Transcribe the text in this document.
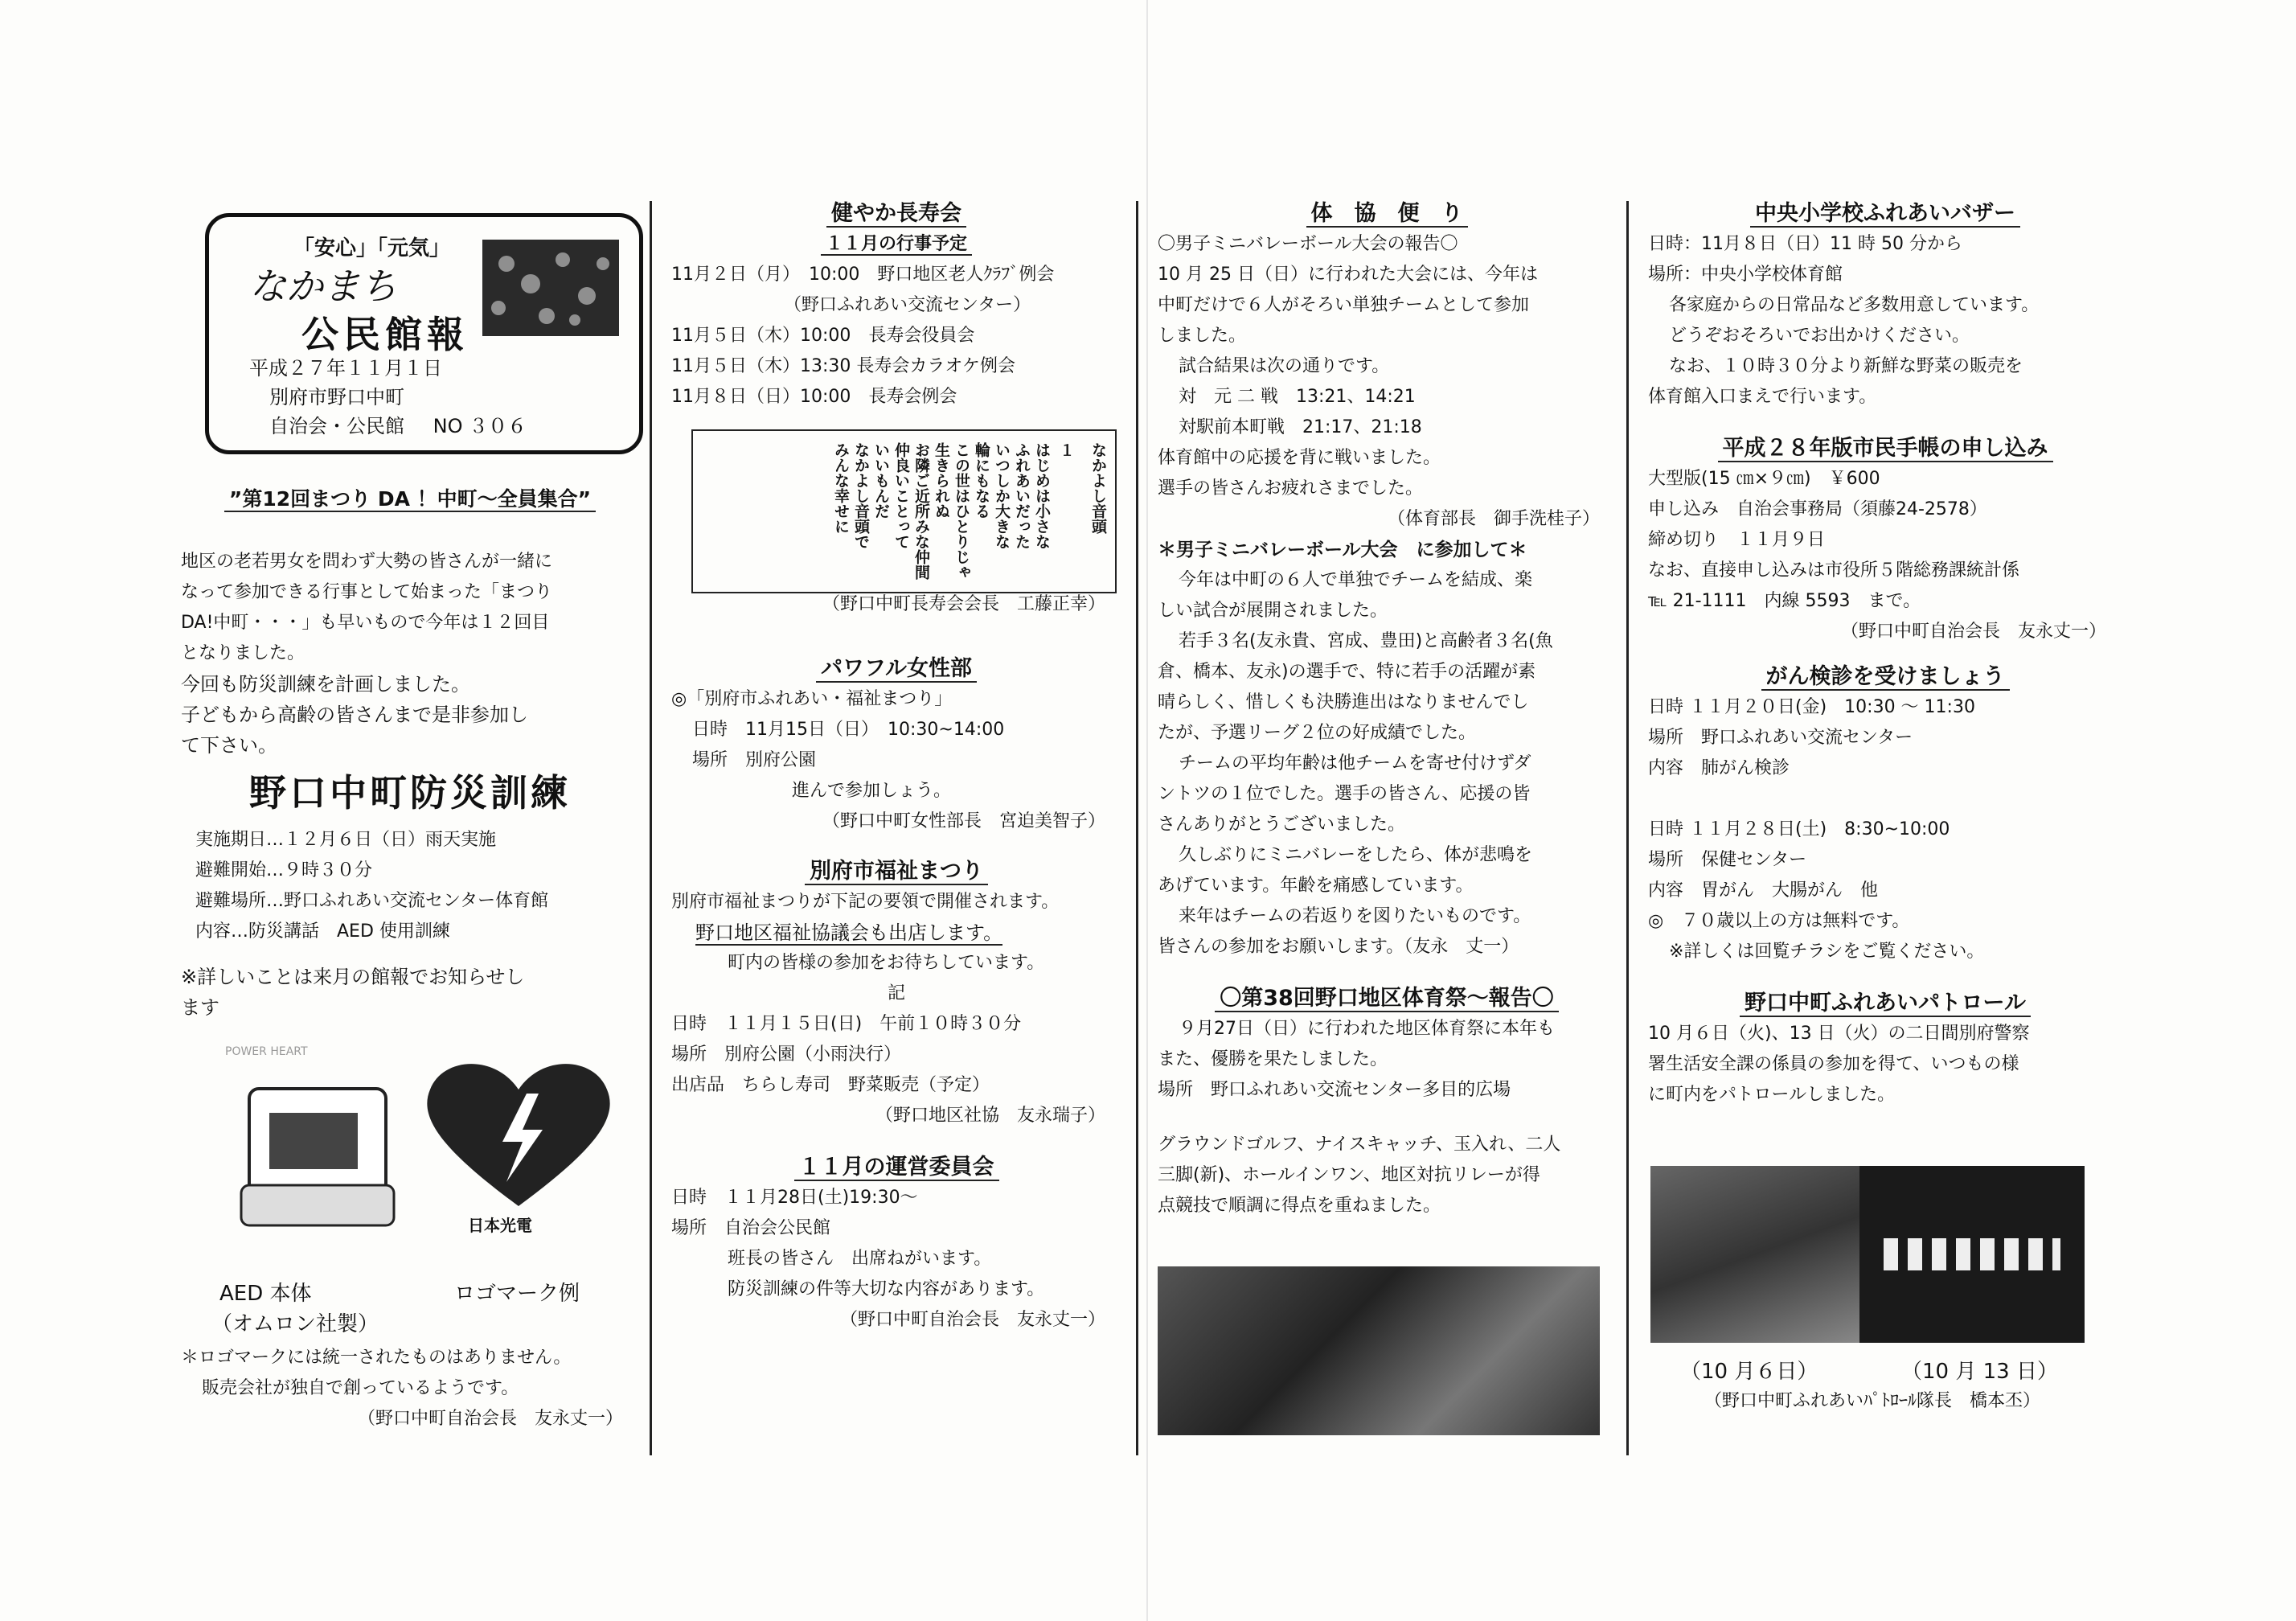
「安心」「元気」
なかまち
公民館報
平成２７年１１月１日
別府市野口中町
自治会・公民館 NO ３０６
”第12回まつり DA ！中町～全員集合”
地区の老若男女を問わず大勢の皆さんが一緒に
なって参加できる行事として始まった「まつり
DA!中町・・・」も早いもので今年は１２回目
となりました。
今回も防災訓練を計画しました。
子どもから高齢の皆さんまで是非参加し
て下さい。
野口中町防災訓練
実施期日…１２月６日（日）雨天実施
避難開始…９時３０分
避難場所…野口ふれあい交流センター体育館
内容…防災講話　AED 使用訓練
※詳しいことは来月の館報でお知らせし
ます
POWER HEART
日本光電
AED 本体
（オムロン社製）
ロゴマーク例
＊ロゴマークには統一されたものはありません。
販売会社が独自で創っているようです。
（野口中町自治会長　友永丈一）
健やか長寿会
１１月の行事予定
11月２日（月）　10:00　野口地区老人ｸﾗﾌﾞ例会
（野口ふれあい交流センター）
11月５日（木）10:00　長寿会役員会
11月５日（木）13:30 長寿会カラオケ例会
11月８日（日）10:00　長寿会例会
（野口中町長寿会会長　工藤正幸）
パワフル女性部
◎「別府市ふれあい・福祉まつり」
日時　11月15日（日）　10:30~14:00
場所　別府公園
進んで参加しょう。
（野口中町女性部長　宮迫美智子）
別府市福祉まつり
別府市福祉まつりが下記の要領で開催されます。
野口地区福祉協議会も出店します。
町内の皆様の参加をお待ちしています。
記
日時　１１月１５日(日)　午前１０時３０分
場所　別府公園（小雨決行）
出店品　ちらし寿司　野菜販売（予定）
（野口地区社協　友永瑞子）
１１月の運営委員会
日時　１１月28日(土)19:30～
場所　自治会公民館
班長の皆さん　出席ねがいます。
防災訓練の件等大切な内容があります。
（野口中町自治会長　友永丈一）
なかよし音頭
１
はじめは小さな
ふれあいだった
いつしか大きな
輪にもなる
この世はひとりじゃ
生きられぬ
お隣ご近所みな仲間
仲良いことって
いいもんだ
なかよし音頭で
みんな幸せに
体　協　便　り
〇男子ミニバレーボール大会の報告〇
10 月 25 日（日）に行われた大会には、今年は
中町だけで６人がそろい単独チームとして参加
しました。
試合結果は次の通りです。
対　元 二 戦　13:21、14:21
対駅前本町戦　21:17、21:18
体育館中の応援を背に戦いました。
選手の皆さんお疲れさまでした。
（体育部長　御手洗桂子）
＊男子ミニバレーボール大会　に参加して＊
今年は中町の６人で単独でチームを結成、楽
しい試合が展開されました。
若手３名(友永貴、宮成、豊田)と高齢者３名(魚
倉、橋本、友永)の選手で、特に若手の活躍が素
晴らしく、惜しくも決勝進出はなりませんでし
たが、予選リーグ２位の好成績でした。
チームの平均年齢は他チームを寄せ付けずダ
ントツの１位でした。選手の皆さん、応援の皆
さんありがとうございました。
久しぶりにミニバレーをしたら、体が悲鳴を
あげています。年齢を痛感しています。
来年はチームの若返りを図りたいものです。
皆さんの参加をお願いします。（友永　丈一）
〇第38回野口地区体育祭～報告〇
９月27日（日）に行われた地区体育祭に本年も
また、優勝を果たしました。
場所　野口ふれあい交流センター多目的広場
グラウンドゴルフ、ナイスキャッチ、玉入れ、二人
三脚(新)、ホールインワン、地区対抗リレーが得
点競技で順調に得点を重ねました。
中央小学校ふれあいバザー
日時：11月８日（日）11 時 50 分から
場所：中央小学校体育館
各家庭からの日常品など多数用意しています。
どうぞおそろいでお出かけください。
なお、１０時３０分より新鮮な野菜の販売を
体育館入口まえで行います。
平成２８年版市民手帳の申し込み
大型版(15 ㎝×９㎝)　￥600
申し込み　自治会事務局（須藤24-2578）
締め切り　１１月９日
なお、直接申し込みは市役所５階総務課統計係
℡ 21-1111　内線 5593　まで。
（野口中町自治会長　友永丈一）
がん検診を受けましょう
日時 １１月２０日(金)　10:30 ～ 11:30
場所　野口ふれあい交流センター
内容　肺がん検診
日時 １１月２８日(土)　8:30~10:00
場所　保健センター
内容　胃がん　大腸がん　他
◎　７０歳以上の方は無料です。
※詳しくは回覧チラシをご覧ください。
野口中町ふれあいパトロール
10 月６日（火)、13 日（火）の二日間別府警察
署生活安全課の係員の参加を得て、いつもの様
に町内をパトロールしました。
（10 月６日）	（10 月 13 日）
（野口中町ふれあいﾊﾟﾄﾛｰﾙ隊長　橋本丕）
